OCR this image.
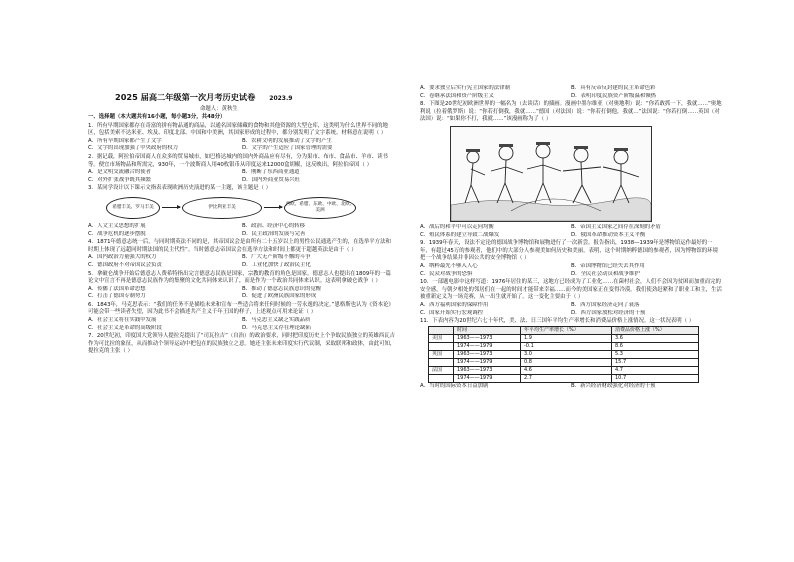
2025 届高二年级第一次月考历史试卷 2023.9
命题人：黄秋生

一、选择题（本大题共有16小题，每小题3分，共48分）

1．所有早期国家都存在奇富的拼有物品通的商品，以通名国家储藏的食物和其他资源的大型仓库，这类明为什么世界不同的地区，包括美索不达米亚、埃及、印度北部、中国和中美洲，其国家形成的过程中，都分别发明了文字系统。材料意在说明（ ）

A．所有早期国家都产生了文字	B．农耕文明的发展推动了文字的产生
C．文字的出现加强了中央政府的权力	D．文字的产生适应了国家管理的需要

2．据记载，阿拉伯帝国商人在众多的贸易城市，如巴格达城内的国内外商品应有尽有，分为果市、布市、食品市、羊市、读书等。便宜市场物品和所需完，930年，一个波斯商人用40枚银币从印度运来12000盒胡椒，这反映出，阿拉伯帝国（ ）

A．是文明交流融合的使者	B．刚断了东西商业通道
C．对外扩张战争既其频繁	D．国内外商业贸易兴旺

3．某同学设计以下课示文指表表现欧洲历史演进的某一主题，该主题是（ ）

希腊丰美、罗马丰美	伊比利亚丰美
西欧、希腊、东欧、中欧、北欧、美洲
A．人文主义思想的扩展	B．政治、经济中心的转移
C．战争危机的逐步摆脱	D．民主政治的发展与完善

4．1871年德意志统一后，与同时期英法不同的是，其帝国议会是由所有二十五岁以上的男性公民通选产生的，在选举平方法和时期上体现了远超同时期法国的民主代性“。当时德意志帝国议会在选举方法和时间上都更于超越英法是由于（ ）

A．国内政治力量强大的权力	B．广大无产阶级不懈的斗争
C．德国政府不对帝国议会负责	D．工业化加快了政治民主化

5．拿破仑战争开始后德意志人费希特指出完言德意志民族是国家，宗教的教育的角色是国家。德意志人也提出在1809年的一篇论文中宣言不再是德意志民族作为的集聚的文化共同体来认识了，而是作为一个政治共同体来认识。这表明拿破仑战争（ ）

A．传播了法国革命思想	B．推动了德意志民族意识的觉醒
C．打击了德国专制势力	D．促进了欧洲民族国家的形成

6．1843年，马克思表示：“我们的任务不是描绘未来和宣布一些适合将来任何时候的一劳永逸的决定。”恩格斯也认为《资本论》可能会带一些读者失望，因为此书不会描述共产主义千年王国的样子，上述观点可用来论证（ ）

A．社会主义将在实践中发展	B．马克思主义缺乏实践品质
C．社会主义是革命的高级阶段	D．马克思主义存在理论缺陷

7．20世纪初，印度国大党领导人提拉克提出了“司瓦拉吉”（自治）的政治要求，同时把印度历史上个争取民族独立的英雄西瓦吉作为可比拉的象征，从而推动个领导运动中把包在的民族独立之意。她还主张未来印度实行代议制，采取联邦和政体，由此可知，提拉克的主张（ ）

A．要求独立后实行宪主国家的法律制	B．具有反帝反封建的民主革命色彩
C．卷继承法国和资产阶级主义	D．表明印度民族资产阶级温和倾热

8．下图是20世纪初欧洲世界的一幅名为（去谈话）的插画。漫画中墨尔维亚（对奥地利）说：“你若敢抓一下，我就……”奥地利说（拉着俄罗斯）说：“你若打倒我，我就……”德国（对法国）说：“你若打倒他，我就…”法国说：“你若打倒……英国（对法国）说：“如果你不打，我就……”该漫画称为了（ ）

A．战后的和平中可以走向均衡	B．帝国主义国家之间存在深刻的矛盾
C．殖民体系的建立导致二战爆发	D．俄国革命推动资本主义平衡

9．1939年春天，设法不定论的德国战争博物馆和展物进行了一次新尝。报告指出，1938—1939年是博物馆运作最好的一年，有超过45万的参观者，他们中的大部分人参观美如何历史和美丽。表明，这个时期纳粹德国的参观者，因为博物馆的环境把一个战争结果并非因公共的安全博物馆（ ）

A．纳粹最先不够入人心	B．帝国博物馆已经失去其作用
C．民众对战争的恐惧	D．全民社会动员和战争维护

10．一部题电影中这样写道：1976年居住的某三，这地方已经成为了工业化……在菌村社会，人们不会因为贫困而加重而完的安全感，与朝夕相处的邻居们在一起的时间才能带来幸福……而今的美国家正在变得冷漠。我们使劲赶紧和了职业工和主，生活被重新定义为一场竞赛，从一出生就开始了。这一变化主要由于（ ）

A．西方福利国家的保障作用	B．西方国家经济走向了衰落
C．国家开始实行宏观调控	D．西方国家放松对经济的干预

11．下表内容为20世纪六七十年代，美、法、日三国年平均生产率增长和消费品价格上涨情况。这一状况表明（ ）

	时间	年平均生产率增长（%）	消费品价格上涨（%）
美国	1963——1973	1.9	3.6
	1974——1979	-0.1	8.6
英国	1963——1973	3.0	5.3
	1974——1979	0.8	15.7
法国	1963——1973	4.6	4.7
	1974——1979	2.7	10.7
A．当时的国际资本日益加剧	B．新兴经济财政强化对经济的干预
